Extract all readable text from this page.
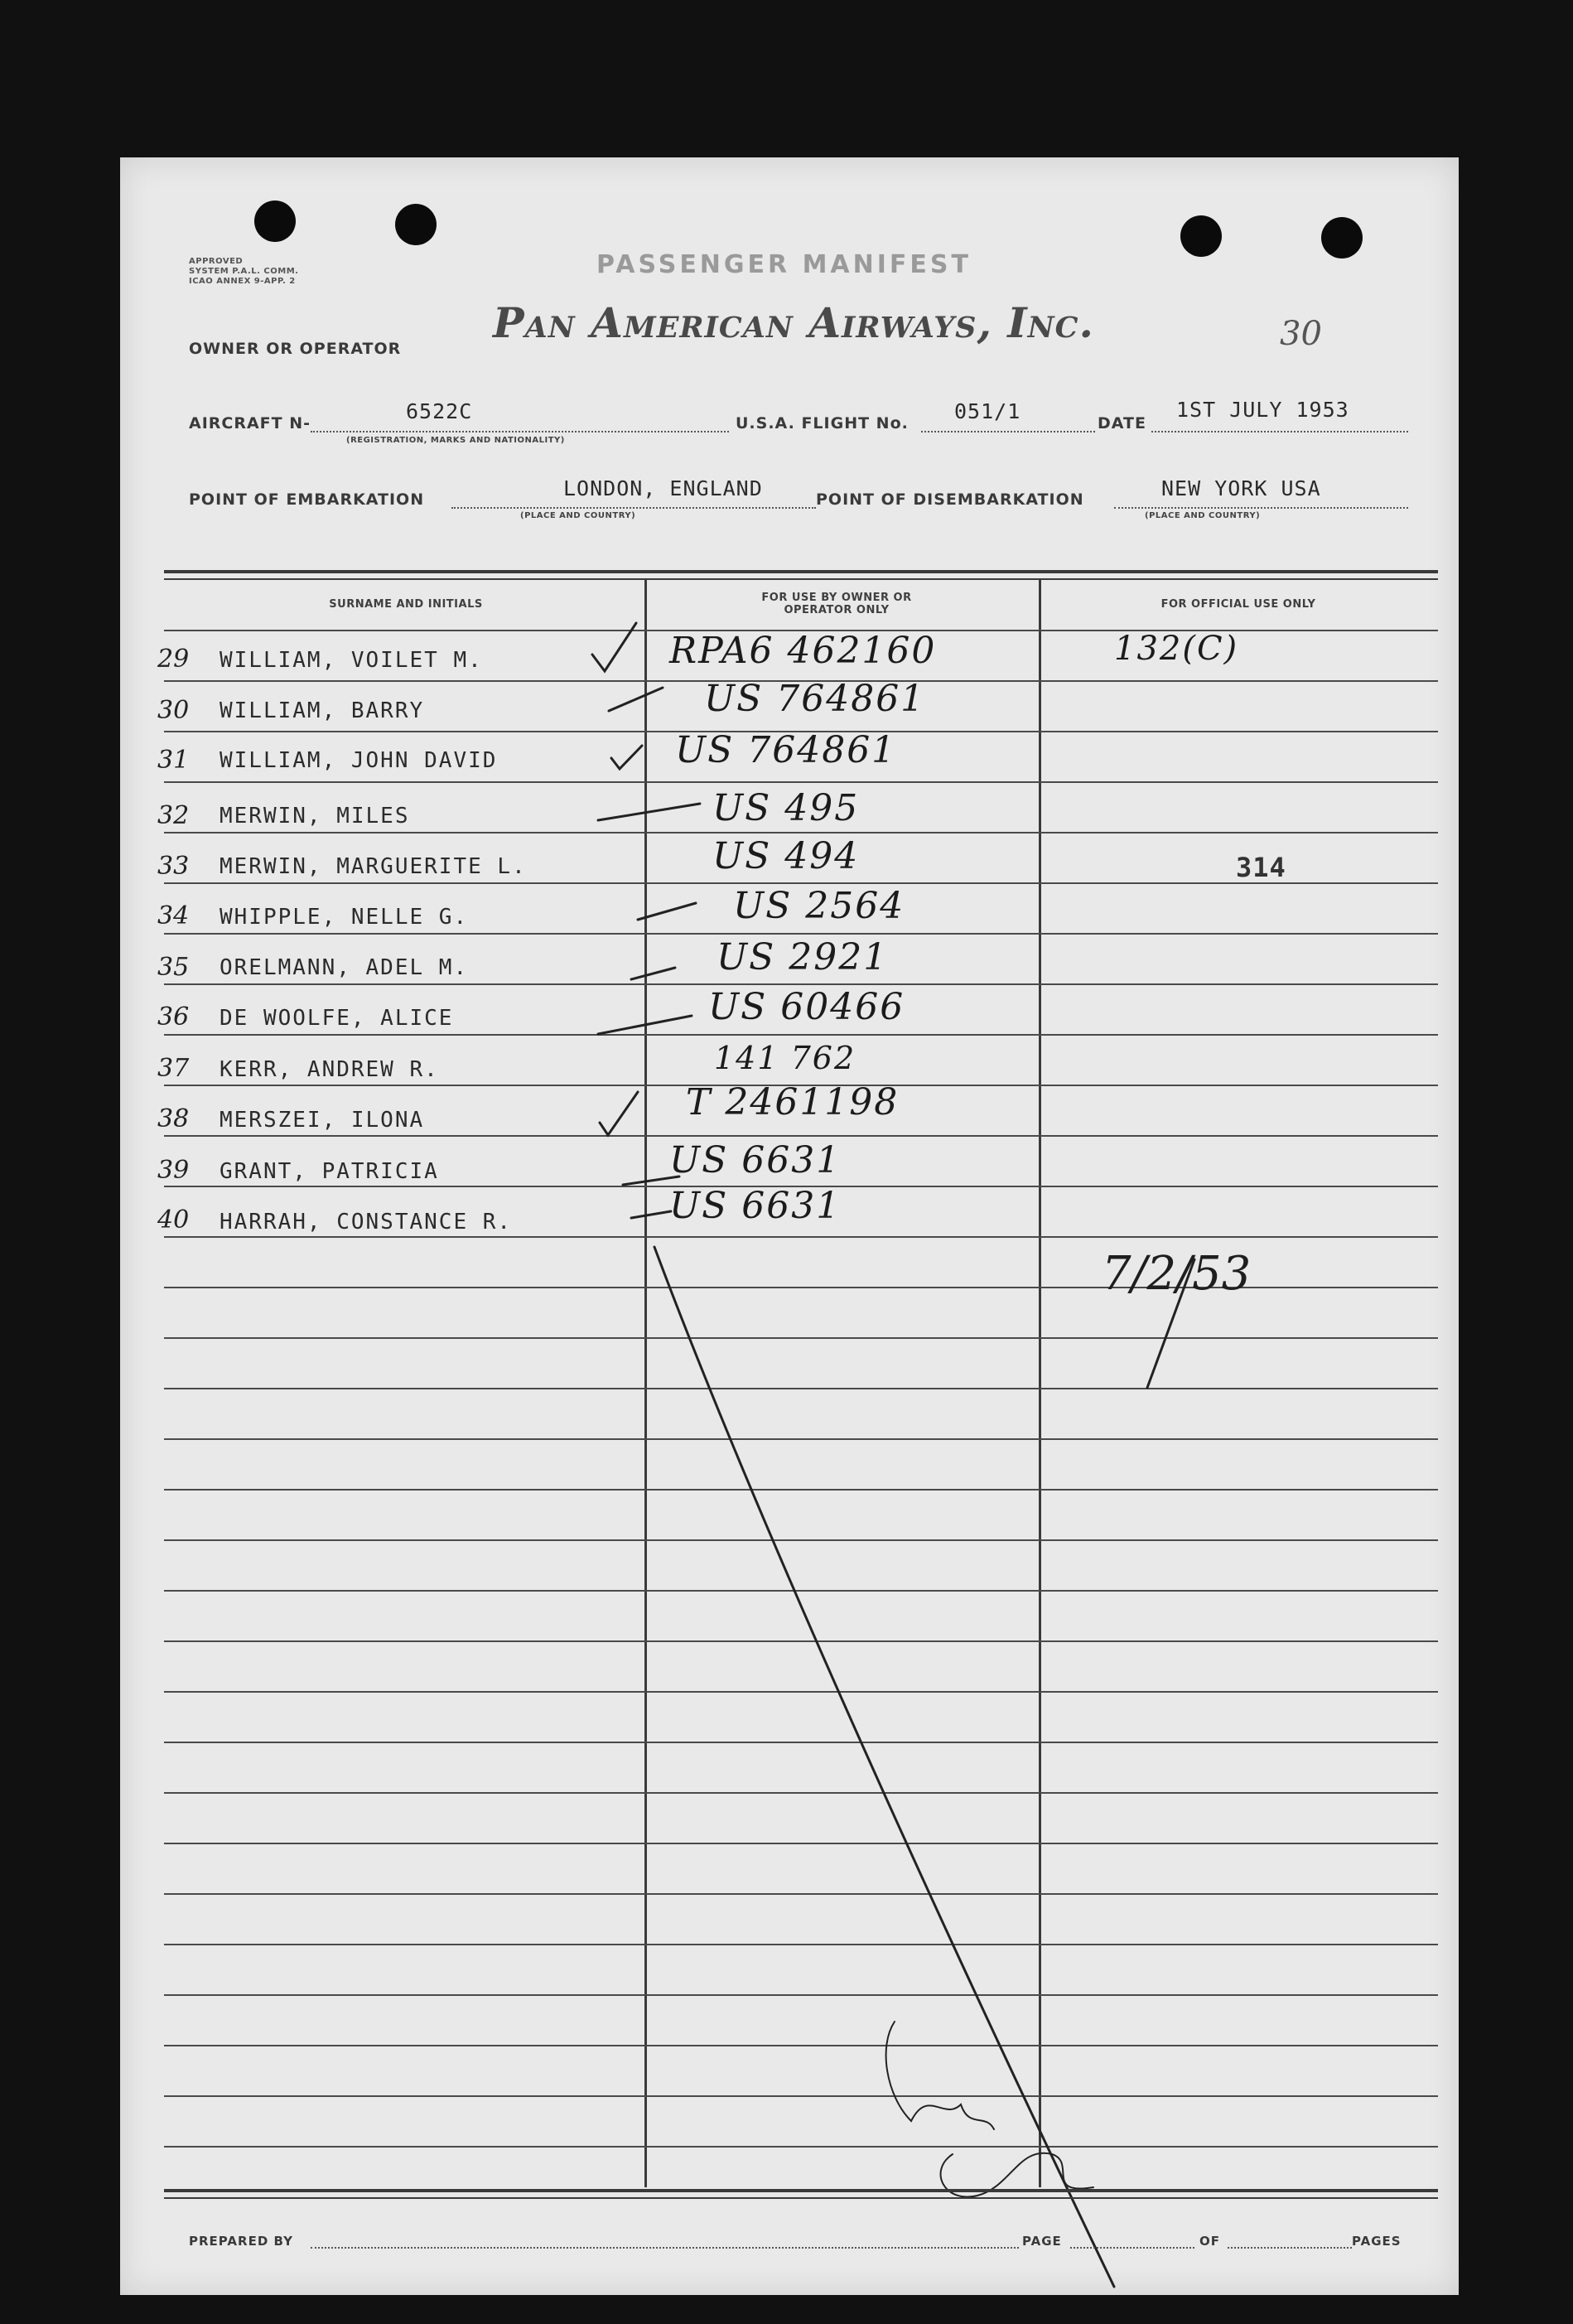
APPROVED
SYSTEM P.A.L. COMM.
ICAO ANNEX 9-APP. 2
PASSENGER MANIFEST
Pan American Airways, Inc.	30
OWNER OR OPERATOR
AIRCRAFT N-	6522C
(REGISTRATION, MARKS AND NATIONALITY)
U.S.A. FLIGHT No. 051/1	DATE
1ST JULY 1953
POINT OF EMBARKATION	LONDON, ENGLAND
(PLACE AND COUNTRY)
POINT OF DISEMBARKATION	NEW YORK USA
(PLACE AND COUNTRY)
SURNAME AND INITIALS
FOR USE BY OWNER OR OPERATOR ONLY	FOR OFFICIAL USE ONLY
29 WILLIAM, VOILET M.	RPA6 462160	132(C)
30 WILLIAM, BARRY	US 764861
31 WILLIAM, JOHN DAVID	US 764861
32 MERWIN, MILES	US 495
33 MERWIN, MARGUERITE L.	US 494	314
34 WHIPPLE, NELLE G.	US 2564
35 ORELMANN, ADEL M.	US 2921
36 DE WOOLFE, ALICE	US 60466
37 KERR, ANDREW R.	141 762
38 MERSZEI, ILONA	T 2461198
39 GRANT, PATRICIA	US 6631
40 HARRAH, CONSTANCE R.	US 6631
7/2/53
PREPARED BY	PAGE	OF	PAGES
